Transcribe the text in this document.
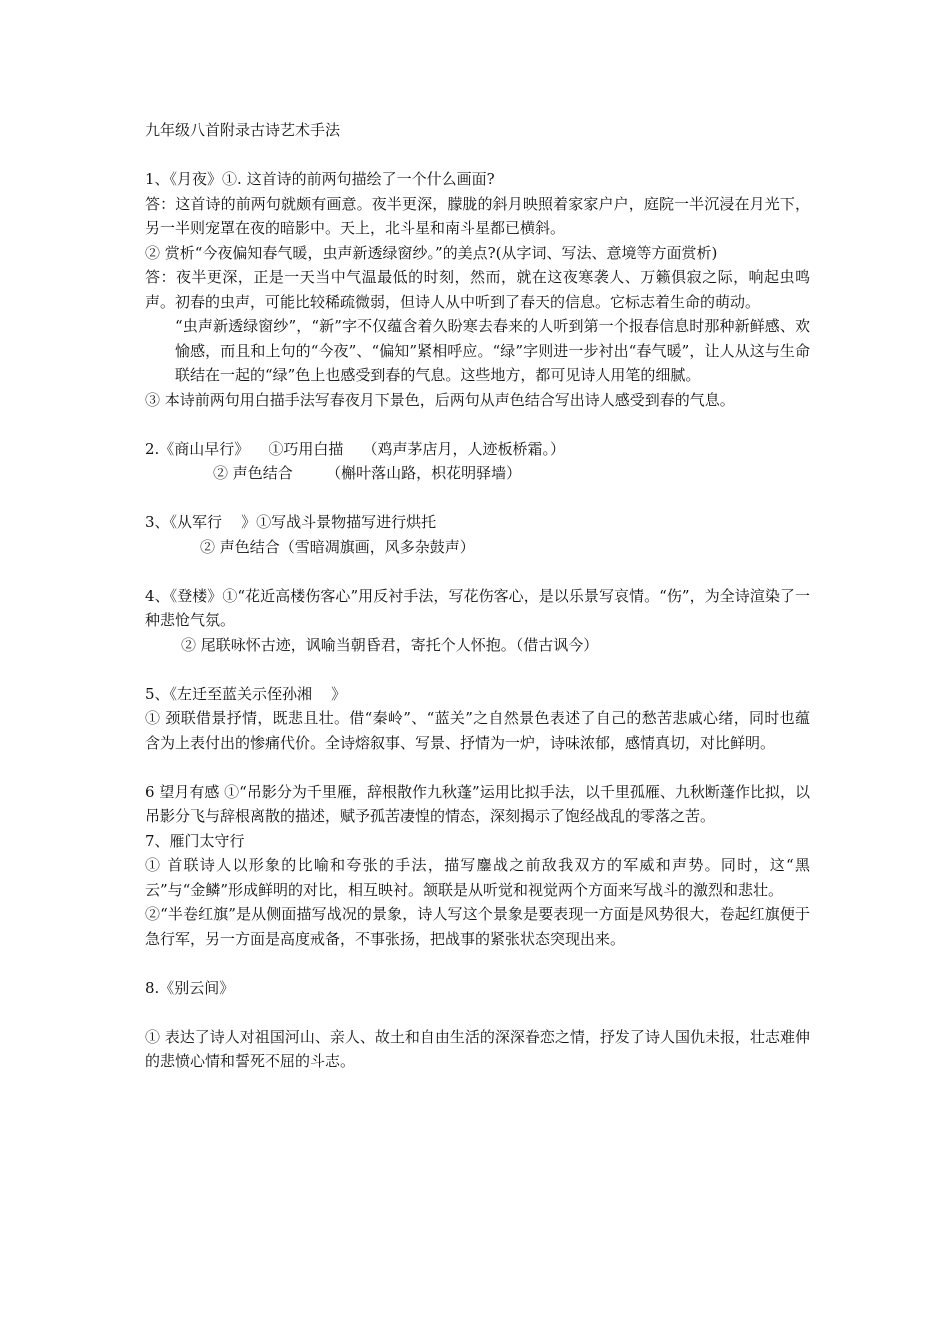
九年级八首附录古诗艺术手法

1、《月夜》①. 这首诗的前两句描绘了一个什么画面?

答：这首诗的前两句就颇有画意。夜半更深，朦胧的斜月映照着家家户户，庭院一半沉浸在月光下，另一半则宠罩在夜的暗影中。天上，北斗星和南斗星都已横斜。

② 赏析“今夜偏知春气暖，虫声新透绿窗纱。”的美点?(从字词、写法、意境等方面赏析)

答：夜半更深，正是一天当中气温最低的时刻，然而，就在这夜寒袭人、万籁俱寂之际，响起虫鸣声。初春的虫声，可能比较稀疏微弱，但诗人从中听到了春天的信息。它标志着生命的萌动。

“虫声新透绿窗纱”，“新”字不仅蕴含着久盼寒去春来的人听到第一个报春信息时那种新鲜感、欢愉感，而且和上句的“今夜”、“偏知”紧相呼应。“绿”字则进一步衬出“春气暖”，让人从这与生命联结在一起的“绿”色上也感受到春的气息。这些地方，都可见诗人用笔的细腻。

③ 本诗前两句用白描手法写春夜月下景色，后两句从声色结合写出诗人感受到春的气息。

2.《商山早行》    ①巧用白描    （鸡声茅店月，人迹板桥霜。）

② 声色结合       （槲叶落山路，枳花明驿墙）

3、《从军行    》①写战斗景物描写进行烘托

② 声色结合（雪暗凋旗画，风多杂鼓声）

4、《登楼》①“花近高楼伤客心”用反衬手法，写花伤客心，是以乐景写哀情。“伤”，为全诗渲染了一种悲怆气氛。

② 尾联咏怀古迹，讽喻当朝昏君，寄托个人怀抱。（借古讽今）

5、《左迁至蓝关示侄孙湘    》

① 颈联借景抒情，既悲且壮。借“秦岭”、“蓝关”之自然景色表述了自己的愁苦悲戚心绪，同时也蕴含为上表付出的惨痛代价。全诗熔叙事、写景、抒情为一炉，诗味浓郁，感情真切，对比鲜明。

6 望月有感 ①“吊影分为千里雁，辞根散作九秋蓬”运用比拟手法，以千里孤雁、九秋断蓬作比拟，以吊影分飞与辞根离散的描述，赋予孤苦凄惶的情态，深刻揭示了饱经战乱的零落之苦。

7、雁门太守行

① 首联诗人以形象的比喻和夸张的手法，描写鏖战之前敌我双方的军威和声势。同时，这“黑云”与“金鳞”形成鲜明的对比，相互映衬。颔联是从听觉和视觉两个方面来写战斗的激烈和悲壮。

②“半卷红旗”是从侧面描写战况的景象，诗人写这个景象是要表现一方面是风势很大，卷起红旗便于急行军，另一方面是高度戒备，不事张扬，把战事的紧张状态突现出来。

8.《别云间》

① 表达了诗人对祖国河山、亲人、故土和自由生活的深深眷恋之情，抒发了诗人国仇未报，壮志难伸的悲愤心情和誓死不屈的斗志。
